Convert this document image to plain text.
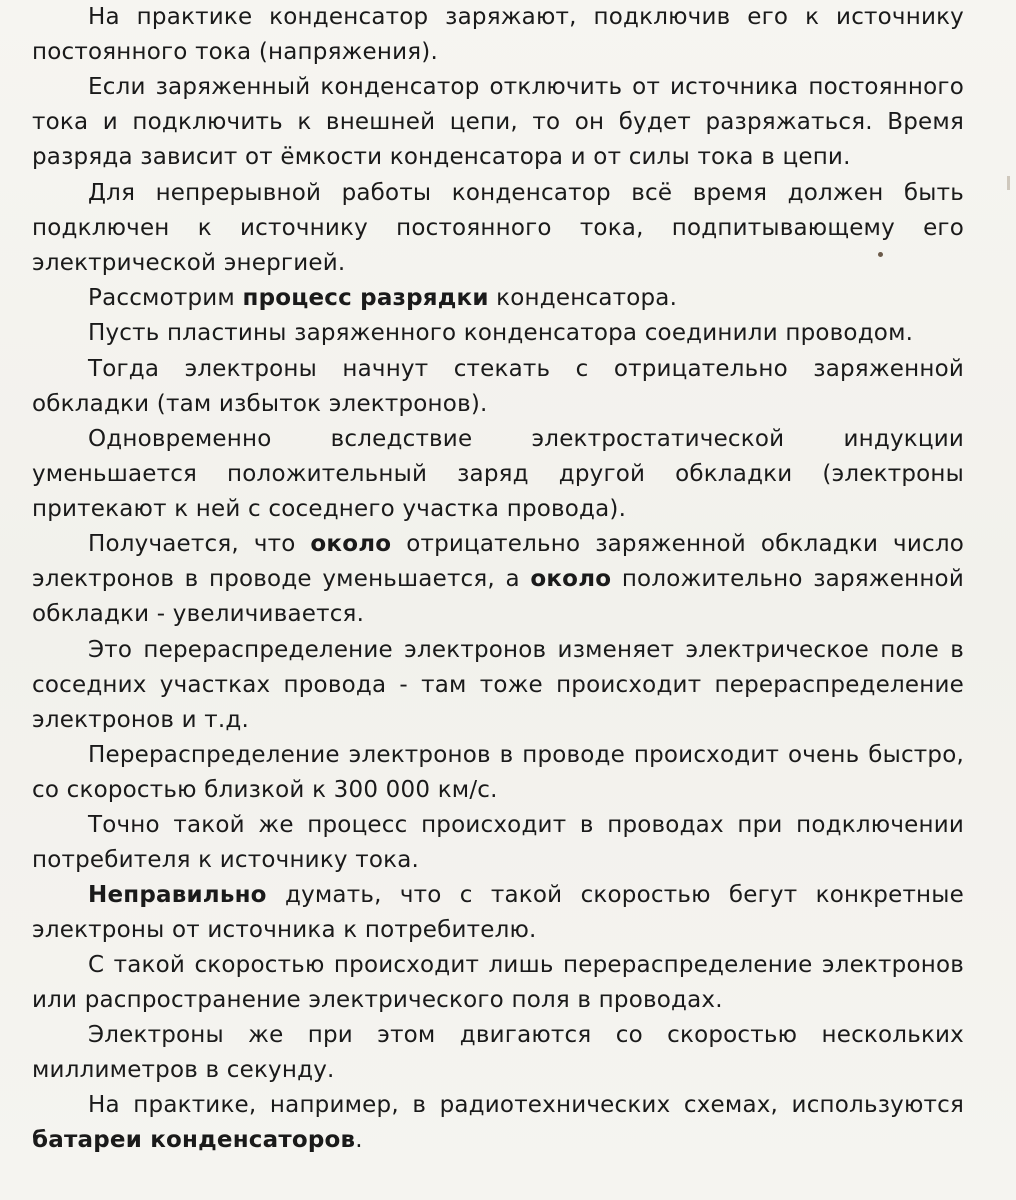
На практике конденсатор заряжают, подключив его к источнику постоянного тока (напряжения).

Если заряженный конденсатор отключить от источника постоянного тока и подключить к внешней цепи, то он будет разряжаться. Время разряда зависит от ёмкости конденсатора и от силы тока в цепи.

Для непрерывной работы конденсатор всё время должен быть подключен к источнику постоянного тока, подпитывающему его электрической энергией.

Рассмотрим процесс разрядки конденсатора.

Пусть пластины заряженного конденсатора соединили проводом.

Тогда электроны начнут стекать с отрицательно заряженной обкладки (там избыток электронов).

Одновременно вследствие электростатической индукции уменьшается положительный заряд другой обкладки (электроны притекают к ней с соседнего участка провода).

Получается, что около отрицательно заряженной обкладки число электронов в проводе уменьшается, а около положительно заряженной обкладки - увеличивается.

Это перераспределение электронов изменяет электрическое поле в соседних участках провода - там тоже происходит перераспределение электронов и т.д.

Перераспределение электронов в проводе происходит очень быстро, со скоростью близкой к 300 000 км/с.

Точно такой же процесс происходит в проводах при подключении потребителя к источнику тока.

Неправильно думать, что с такой скоростью бегут конкретные электроны от источника к потребителю.

С такой скоростью происходит лишь перераспределение электронов или распространение электрического поля в проводах.

Электроны же при этом двигаются со скоростью нескольких миллиметров в секунду.

На практике, например, в радиотехнических схемах, используются батареи конденсаторов.
